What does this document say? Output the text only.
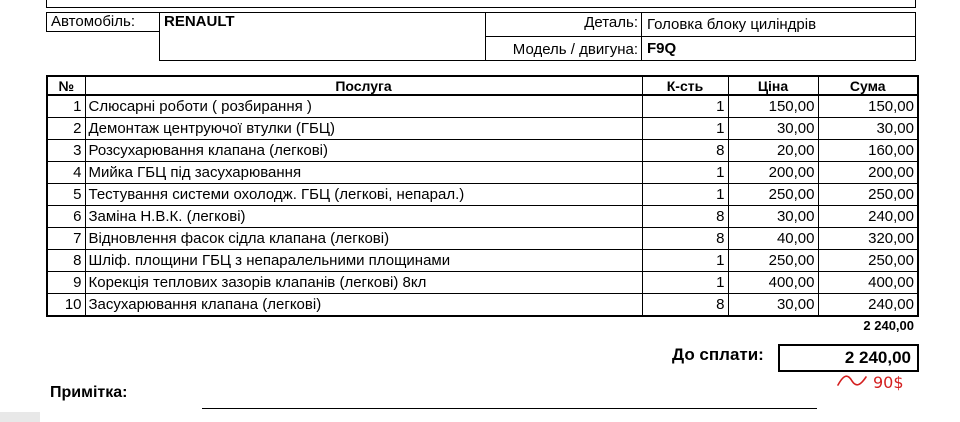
Автомобіль: RENAULT	Деталь: Головка блоку циліндрів
Модель / двигуна: F9Q
№	Послуга	К-сть	Ціна	Сума
1	Слюсарні роботи ( розбирання )	1	150,00	150,00
2	Демонтаж центруючої втулки (ГБЦ)	1	30,00	30,00
3	Розсухарювання клапана (легкові)	8	20,00	160,00
4	Мийка ГБЦ під засухарювання	1	200,00	200,00
5	Тестування системи охолодж. ГБЦ (легкові, непарал.)	1	250,00	250,00
6	Заміна Н.В.К. (легкові)	8	30,00	240,00
7	Відновлення фасок сідла клапана (легкові)	8	40,00	320,00
8	Шліф. площини ГБЦ з непаралельними площинами	1	250,00	250,00
9	Корекція теплових зазорів клапанів (легкові) 8кл	1	400,00	400,00
10	Засухарювання клапана (легкові)	8	30,00	240,00
2 240,00
До сплати:	2 240,00
90$
Примітка:
